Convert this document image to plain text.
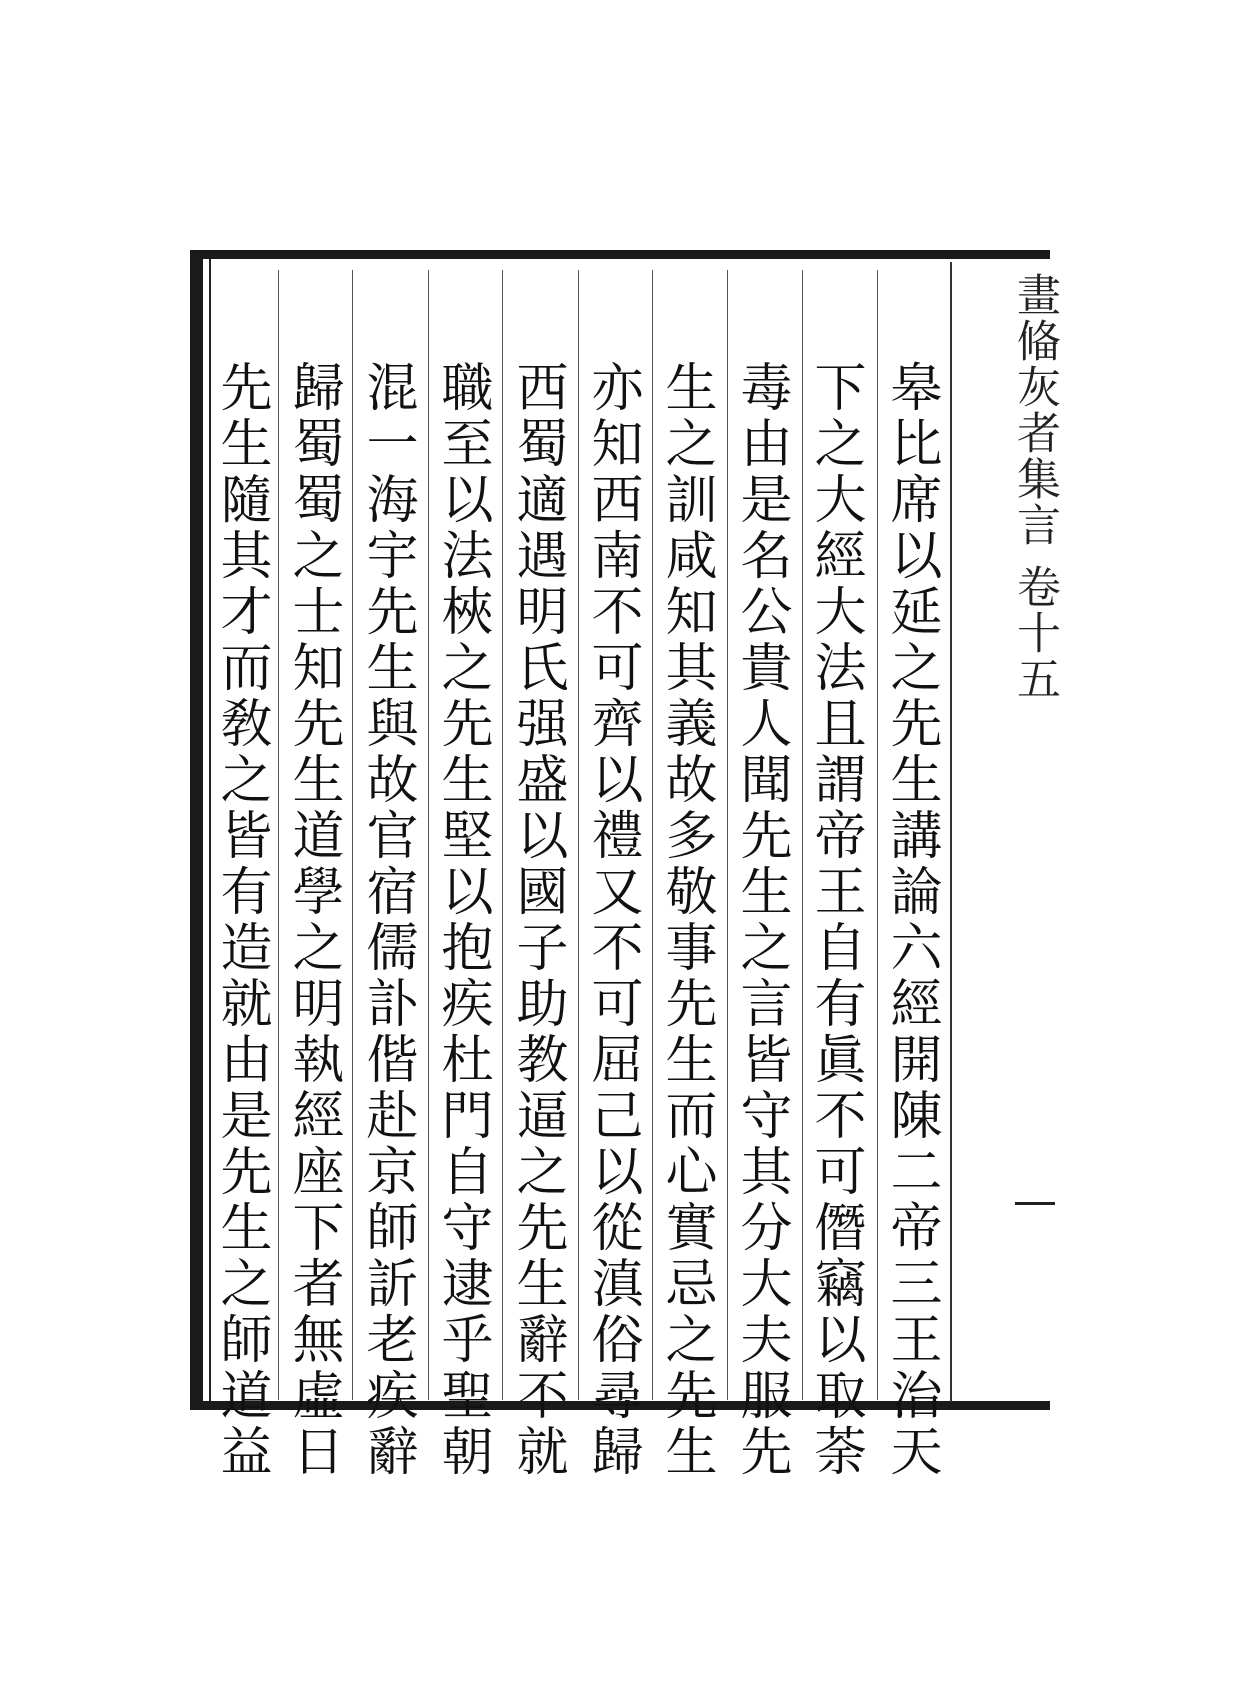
畫偹灰者集言 卷十五
皋比席以延之先生講論六經開陳二帝三王治天
下之大經大法且謂帝王自有眞不可僭竊以取荼
毒由是名公貴人聞先生之言皆守其分大夫服先
生之訓咸知其義故多敬事先生而心實忌之先生
亦知西南不可齊以禮又不可屈己以從滇俗尋歸
西蜀適遇明氏强盛以國子助教逼之先生辭不就
職至以法梜之先生堅以抱疾杜門自守逮乎聖朝
混一海宇先生與故官宿儒訃偕赴京師訢老疾辭
歸蜀蜀之士知先生道學之明執經座下者無虛日
先生隨其才而敎之皆有造就由是先生之師道益
